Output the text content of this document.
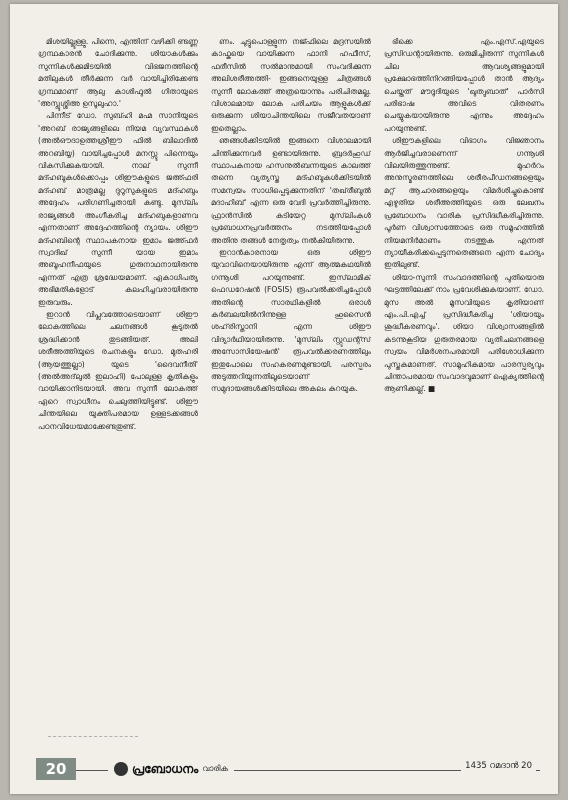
മിശയില്ലുള്ളു. പിന്നെ, എന്തിന് വഴിക്കി ണ്ടണ്ണ ഗ്രന്ഥകാരൻ ചോദിക്കുന്നു. ശിയാകൾക്കും സുന്നികൾക്കുമിടയിൽ വിഭജനത്തിന്റെ മതിലുകൾ തീർക്കുന്ന വർ വായിച്ചിരിക്കേണ്ട ഗ്രന്ഥമാണ് ആലു കാശിഫുൽ ഗിതായുടെ 'അസ്ലുശ്ശിഅ ഉസൂലുഹാ.'

പിന്നീട് ഡോ. സുബ്ഹി മഹ്മ സാനിയുടെ 'അറബ് രാജ്യങ്ങളിലെ നിയമ വ്യവസ്ഥകൾ (അൽഔദാഉത്തശ്രീഈ ഫിൽ ബിലാദിൽ അറബിയ്യ) വായിച്ചപ്പോൾ മനസ്സു പിന്നെയും വികസിക്കുകയായി. നാല് സുന്നീ മദ്ഹബുകൾക്കൊപ്പം ശിഈകളുടെ ജഅ്ഫരി മദ്ഹബ് മാത്രമല്ല ദുറൂസുകളുടെ മദ്ഹബും അദ്ദേഹം പരിഗണിച്ചതായി കണ്ടു. മുസ്‌ലിം രാജ്യങ്ങൾ അംഗീകരിച്ച മദ്ഹബുകളാണവ എന്നതാണ് അദ്ദേഹത്തിന്റെ ന്യായം. ശിഈ മദ്ഹബിന്റെ സ്ഥാപകനായ ഇമാം ജഅ്ഫർ സ്വാദിഖ് സുന്നീ യായ ഇമാം അബൂഹനീഫയുടെ ഗുരുനാഥനായിരുന്നു എന്നത് എത്ര ശ്രദ്ധേയമാണ്. ഏകാധിപത്യ അഭിമതികളോട് കലഹിച്ചവരായിരുന്നു ഇരുവരും.

ഇറാൻ വിപ്ലവത്തോടെയാണ് ശിഈ ലോകത്തിലെ ചലനങ്ങൾ കൂടുതൽ ശ്രദ്ധിക്കാൻ തുടങ്ങിയത്. അലി ശരീഅത്തിയുടെ രചനകളും ഡോ. മുതഹരി (ആയത്തുല്ലാ) യുടെ 'ദൈവനീതി' (അൽഅദ്‌ലുൽ ഇലാഹി) പോലുള്ള കൃതികളും വായിക്കാനിടയായി. അവ സുന്നീ ലോകത്ത് ഏറെ സ്വാധീനം ചെലുത്തിയിട്ടുണ്ട്. ശിഈ ചിന്തയിലെ യുക്തിപരമായ ഉള്ളടക്കങ്ങൾ പഠനവിധേയമാക്കേണ്ടതുണ്ട്.

ണം. ചുട്ടുപൊള്ളുന്ന നജ്ഫിലെ മദ്രസയിൽ കാഫ്കയെ വായിക്കുന്ന ഫാനി ഹഫീസ്, ഫരീസിൽ സൽമാനുമായി സംവദിക്കുന്ന അലിശരീഅത്തി- ഇങ്ങനെയുള്ള ചിത്രങ്ങൾ സുന്നീ ലോകത്ത് അത്രയൊന്നും പരിചിതമല്ല. വിശാലമായ ലോക പരിചയം ആളുകൾക്ക് ഒരുക്കുന്ന ശിയാചിന്തയിലെ സജീവതയാണ് ഇതെല്ലാം.

ഞങ്ങൾക്കിടയിൽ ഇങ്ങനെ വിശാലമായി ചിന്തിക്കുന്നവർ ഉണ്ടായിരുന്നു. ബ്രദർഹുഡ് സ്ഥാപകനായ ഹസനുൽബന്നയുടെ കാലത്ത് തന്നെ വ്യത്യസ്ത മദ്ഹബുകൾക്കിടയിൽ സമന്വയം സാധിപ്പെടുക്കുന്നതിന് 'തഖ്‌രീബുൽ മദാഹിബ്' എന്ന ഒരു വേദി പ്രവർത്തിച്ചിരുന്നു. ഫ്രാൻസിൽ കുടിയേറ്റ മുസ്‌ലിംകൾ പ്രബോധനപ്രവർത്തനം നടത്തിയപ്പോൾ അതിനു തങ്ങൾ നേതൃത്വം നൽകിയിരുന്നു.

ഇറാൻകാരനായ ഒരു ശിഈ യുവാവിനെയായിരുന്നു എന്ന് ആത്മകഥയിൽ ഗന്നൂശി പറയുന്നുണ്ട്. ഇസ്‌ലാമിക് ഫെഡറേഷൻ (FOSIS) രൂപവൽക്കരിച്ചപ്പോൾ അതിന്റെ സാരഥികളിൽ ഒരാൾ കർബലയിൽനിന്നുള്ള ഹുസൈൻ ശഹ്‌രിസ്താനി എന്ന ശിഈ വിദ്യാർഥിയായിരുന്നു. 'മുസ്‌ലിം സ്റ്റുഡന്റ്സ് അസോസിയേഷൻ' രൂപവൽക്കരണത്തിലും ഇതുപോലെ സഹകരണമുണ്ടായി. പരസ്പരം അടുത്തറിയുന്നതിലൂടെയാണ് സമുദായങ്ങൾക്കിടയിലെ അകലം കുറയുക.

ഭിക്കെ എം.എസ്.എയുടെ പ്രസിഡന്റായിരുന്നു. ഒരുമിച്ചിരുന്ന് സുന്നികൾ ചില ആവശ്യങ്ങളുമായി പ്രക്ഷോഭത്തിനിറങ്ങിയപ്പോൾ താൻ ആദ്യം ചെയ്തത് മൗദൂദിയുടെ 'ഖുത്വുബാത്' പാർസി പരിഭാഷ അവിടെ വിതരണം ചെയ്യുകയായിരുന്നു എന്നും അദ്ദേഹം പറയുന്നുണ്ട്.

ശിഈകളിലെ വിഭാഗം വിജ്ഞാനം ആർജിച്ചവരാണെന്ന് ഗന്നൂശി വിലയിരുത്തുന്നുണ്ട്. മുഹർറം അനുസ്മരണത്തിലെ ശരീരപീഡനങ്ങളെയും മറ്റ് ആചാരങ്ങളെയും വിമർശിച്ചുകൊണ്ട് എഴുതിയ ശരീഅത്തിയുടെ ഒരു ലേഖനം പ്രബോധനം വാരിക പ്രസിദ്ധീകരിച്ചിരുന്നു. പൂർണ വിശ്വാസത്തോടെ ഒരു സമൂഹത്തിൽ നിയമനിർമാണം നടത്തുക എന്നത് ന്യായീകരിക്കപ്പെടുന്നതെങ്ങനെ എന്ന ചോദ്യം ഇതിലുണ്ട്.

ശിയാ-സുന്നി സംവാദത്തിന്റെ പുതിയൊരു ഘട്ടത്തിലേക്ക് നാം പ്രവേശിക്കുകയാണ്. ഡോ. മുസ അൽ മൂസവിയുടെ കൃതിയാണ് എം.പി.എച്ച് പ്രസിദ്ധീകരിച്ച 'ശിയായും ശുദ്ധീകരണവും'. ശിയാ വിശ്വാസങ്ങളിൽ കടന്നുകൂടിയ ഗുരുതരമായ വ്യതിചലനങ്ങളെ സ്വയം വിമർശനപരമായി പരിശോധിക്കുന്ന പുസ്തകമാണത്. സാമൂഹികമായ പാരസ്പര്യവും ചിന്താപരമായ സംവാദവുമാണ് ഐക്യത്തിന്റെ ആണിക്കല്ല്. ■

20	പ്രബോധനം വാരിക	1435 റമദാൻ 20
